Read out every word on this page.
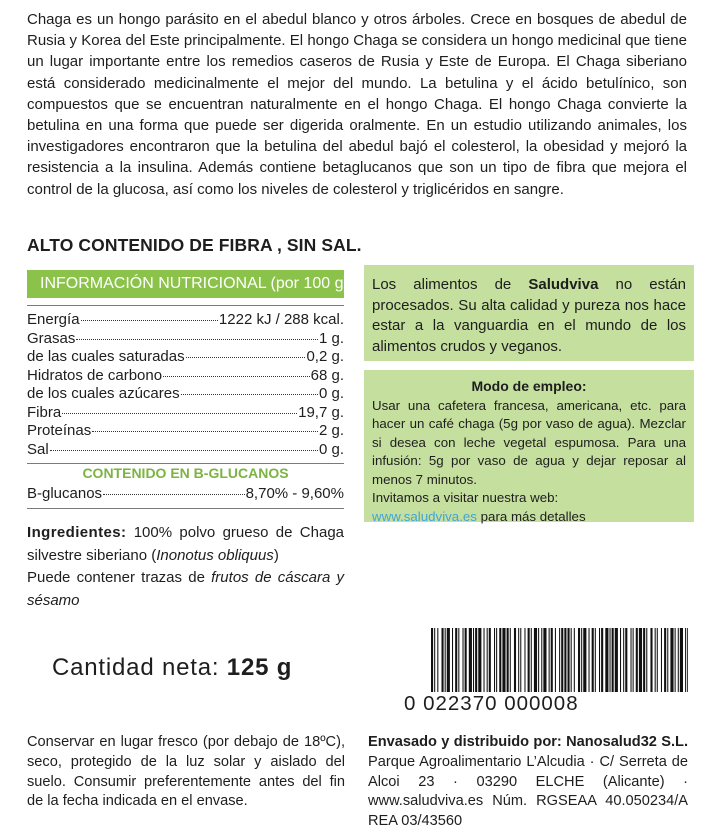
Chaga es un hongo parásito en el abedul blanco y otros árboles. Crece en bosques de abedul de Rusia y Korea del Este principalmente. El hongo Chaga se considera un hongo medicinal que tiene un lugar importante entre los remedios caseros de Rusia y Este de Europa. El Chaga siberiano está considerado medicinalmente el mejor del mundo. La betulina y el ácido betulínico, son compuestos que se encuentran naturalmente en el hongo Chaga. El hongo Chaga convierte la betulina en una forma que puede ser digerida oralmente. En un estudio utilizando animales, los investigadores encontraron que la betulina del abedul bajó el colesterol, la obesidad y mejoró la resistencia a la insulina. Además contiene betaglucanos que son un tipo de fibra que mejora el control de la glucosa, así como los niveles de colesterol y triglicéridos en sangre.
ALTO CONTENIDO DE FIBRA , SIN SAL.
INFORMACIÓN NUTRICIONAL (por 100 g)
Energía	1222 kJ / 288 kcal.
Grasas	1 g.
de las cuales saturadas	0,2 g.
Hidratos de carbono	68 g.
de los cuales azúcares	0 g.
Fibra	19,7 g.
Proteínas	2 g.
Sal	0 g.
CONTENIDO EN B-GLUCANOS
B-glucanos	8,70% - 9,60%

Ingredientes: 100% polvo grueso de Chaga silvestre siberiano (Inonotus obliquus)

Puede contener trazas de frutos de cáscara y sésamo

Cantidad neta: 125 g
Los alimentos de Saludviva no están procesados. Su alta calidad y pureza nos hace estar a la vanguardia en el mundo de los alimentos crudos y veganos.
Modo de empleo:
Usar una cafetera francesa, americana, etc. para hacer un café chaga (5g por vaso de agua). Mezclar si desea con leche vegetal espumosa. Para una infusión: 5g por vaso de agua y dejar reposar al menos 7 minutos.
Invitamos a visitar nuestra web:
www.saludviva.es para más detalles
0 022370 000008
Conservar en lugar fresco (por debajo de 18ºC), seco, protegido de la luz solar y aislado del suelo. Consumir preferentemente antes del fin de la fecha indicada en el envase.
Envasado y distribuido por: Nanosalud32 S.L. Parque Agroalimentario L’Alcudia · C/ Serreta de Alcoi 23 · 03290 ELCHE (Alicante) · www.saludviva.es Núm. RGSEAA 40.050234/A REA 03/43560
